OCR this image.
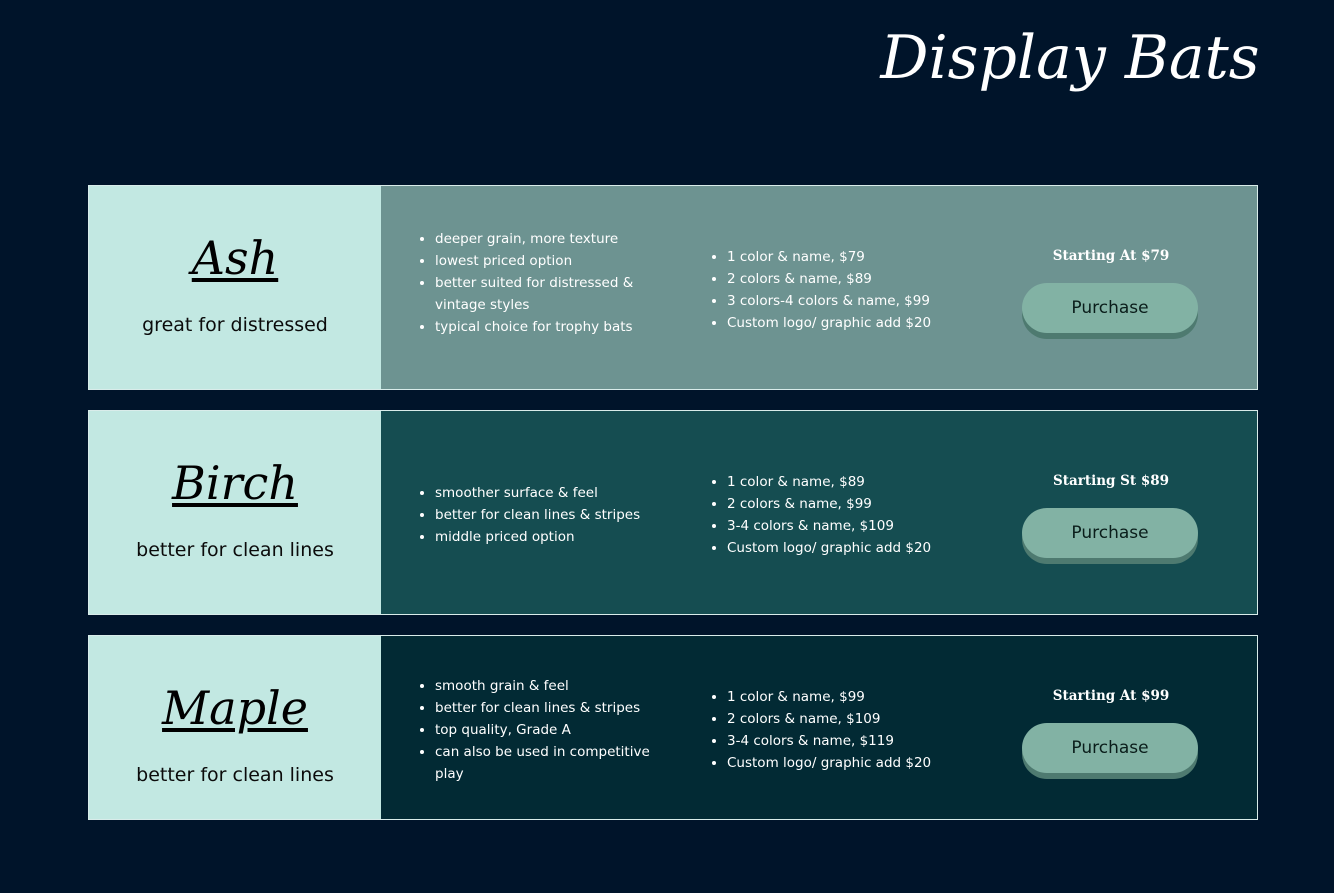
Display Bats
Ash
great for distressed
• deeper grain, more texture
• lowest priced option
• better suited for distressed & vintage styles
• typical choice for trophy bats
• 1 color & name, $79
• 2 colors & name, $89
• 3 colors-4 colors & name, $99
• Custom logo/ graphic add $20
Starting At $79
Purchase
Birch
better for clean lines
• smoother surface & feel
• better for clean lines & stripes
• middle priced option
• 1 color & name, $89
• 2 colors & name, $99
• 3-4 colors & name, $109
• Custom logo/ graphic add $20
Starting St $89
Purchase
Maple
better for clean lines
• smooth grain & feel
• better for clean lines & stripes
• top quality, Grade A
• can also be used in competitive play
• 1 color & name, $99
• 2 colors & name, $109
• 3-4 colors & name, $119
• Custom logo/ graphic add $20
Starting At $99
Purchase
